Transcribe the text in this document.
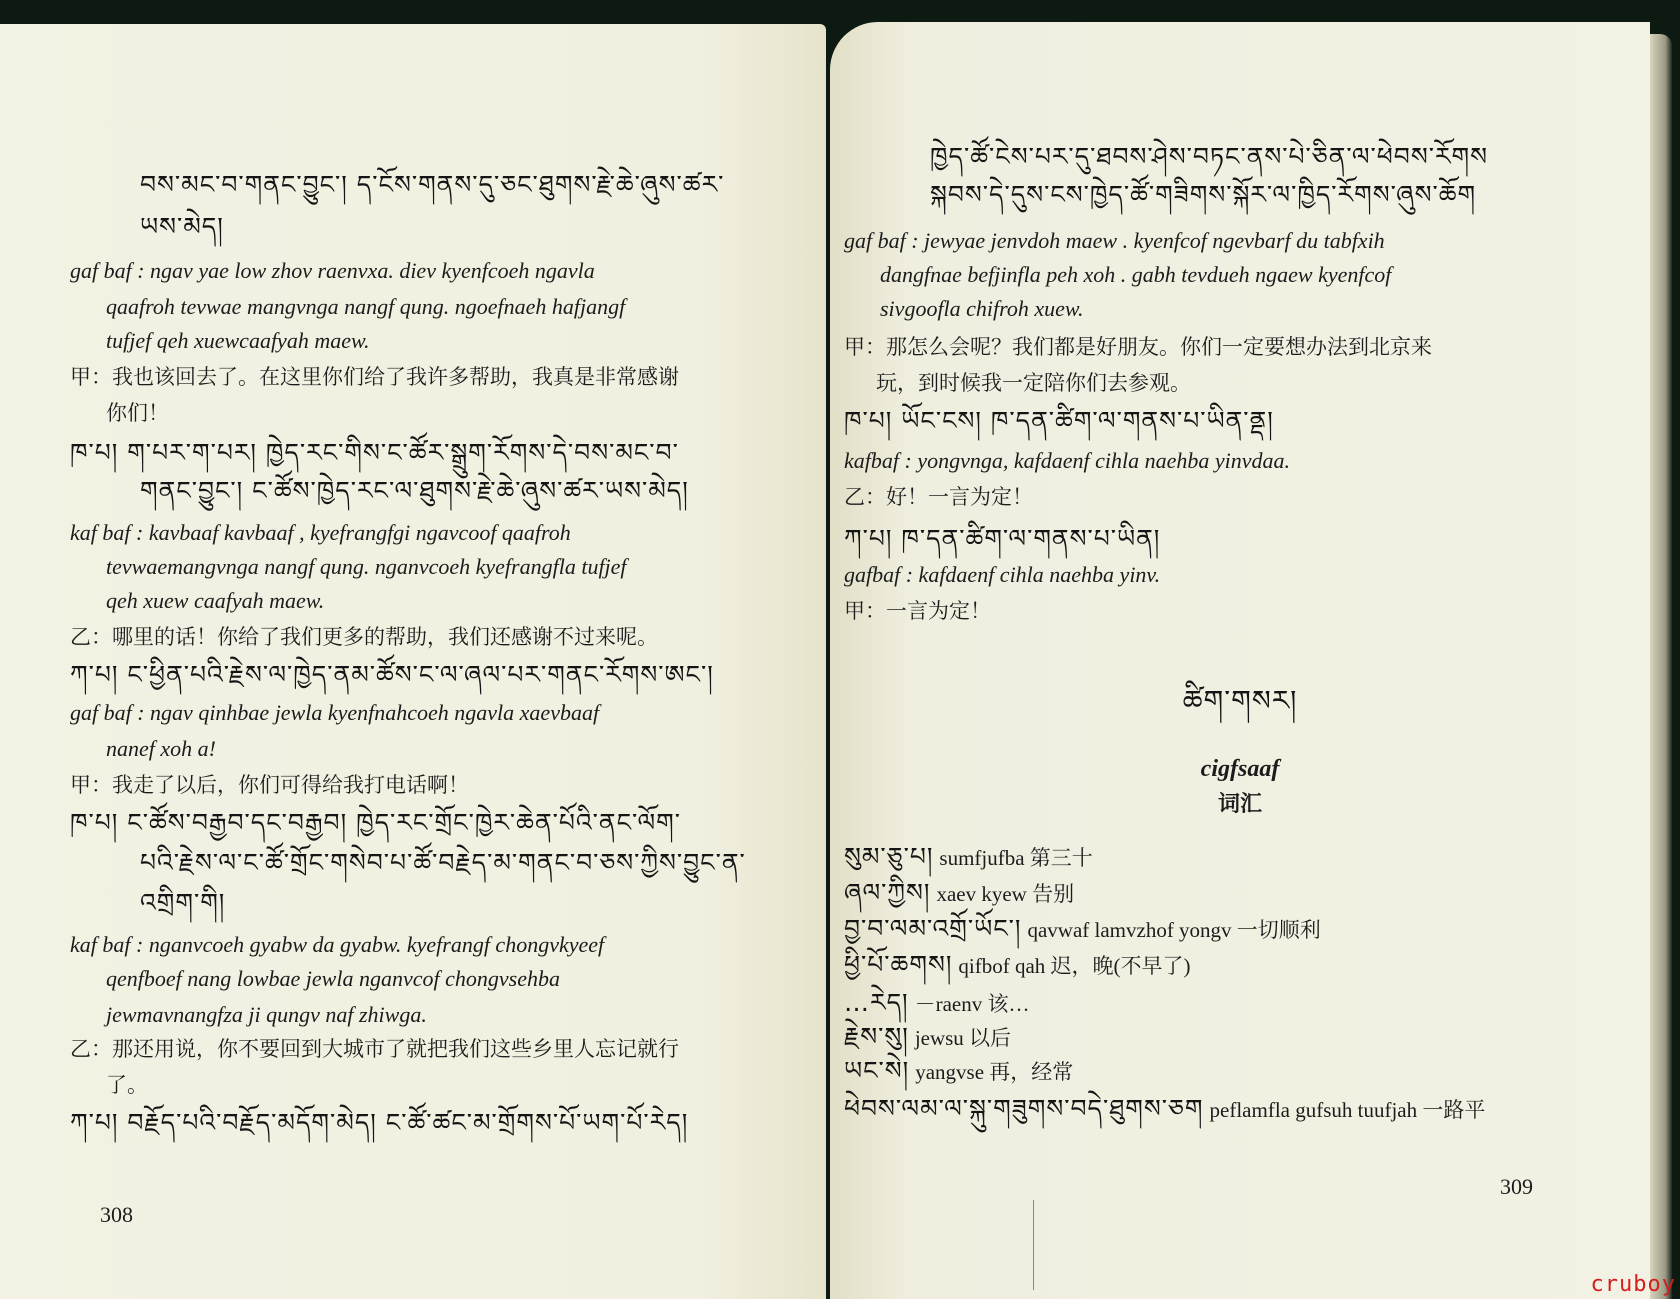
བས་མང་བ་གནང་བྱུང་། ད་ངོས་གནས་དུ་ཅང་ཐུགས་རྗེ་ཆེ་ཞུས་ཚར་
ཡས་མེད།
gaf baf : ngav yae low zhov raenvxa. diev kyenfcoeh ngavla
qaafroh tevwae mangvnga nangf qung. ngoefnaeh hafjangf
tufjef qeh xuewcaafyah maew.
甲：我也该回去了。在这里你们给了我许多帮助，我真是非常感谢
你们！
ཁ་པ། ག་པར་ག་པར། ཁྱེད་རང་གིས་ང་ཚོར་སྒྲུག་རོགས་དེ་བས་མང་བ་
གནང་བྱུང་། ང་ཚོས་ཁྱེད་རང་ལ་ཐུགས་རྗེ་ཆེ་ཞུས་ཚར་ཡས་མེད།
kaf baf : kavbaaf kavbaaf , kyefrangfgi ngavcoof qaafroh
tevwaemangvnga nangf qung. nganvcoeh kyefrangfla tufjef
qeh xuew caafyah maew.
乙：哪里的话！你给了我们更多的帮助，我们还感谢不过来呢。
ཀ་པ། ང་ཕྱིན་པའི་རྗེས་ལ་ཁྱེད་ནམ་ཚོས་ང་ལ་ཞལ་པར་གནང་རོགས་ཨང་།
gaf baf : ngav qinhbae jewla kyenfnahcoeh ngavla xaevbaaf
nanef xoh a!
甲：我走了以后，你们可得给我打电话啊！
ཁ་པ། ང་ཚོས་བརྒྱབ་དང་བརྒྱབ། ཁྱེད་རང་གྲོང་ཁྱེར་ཆེན་པོའི་ནང་ལོག་
པའི་རྗེས་ལ་ང་ཚོ་གྲོང་གསེབ་པ་ཚོ་བརྗེད་མ་གནང་བ་ཅས་ཀྱིས་བྱུང་ན་
འགྲིག་གི།
kaf baf : nganvcoeh gyabw da gyabw. kyefrangf chongvkyeef
qenfboef nang lowbae jewla nganvcof chongvsehba
jewmavnangfza ji qungv naf zhiwga.
乙：那还用说，你不要回到大城市了就把我们这些乡里人忘记就行
了。
ཀ་པ། བརྗོད་པའི་བརྗོད་མདོག་མེད། ང་ཚོ་ཚང་མ་གྲོགས་པོ་ཡག་པོ་རེད།
308
ཁྱེད་ཚོ་ངེས་པར་དུ་ཐབས་ཤེས་བཏང་ནས་པེ་ཅིན་ལ་ཕེབས་རོགས
སྐབས་དེ་དུས་ངས་ཁྱེད་ཚོ་གཟིགས་སྐོར་ལ་ཁྱིད་རོགས་ཞུས་ཆོག
gaf baf : jewyae jenvdoh maew . kyenfcof ngevbarf du tabfxih
dangfnae befjinfla peh xoh . gabh tevdueh ngaew kyenfcof
sivgoofla chifroh xuew.
甲：那怎么会呢？我们都是好朋友。你们一定要想办法到北京来
玩，到时候我一定陪你们去参观。
ཁ་པ། ཡོང་ངས། ཁ་དན་ཚིག་ལ་གནས་པ་ཡིན་ནྡ།
kafbaf : yongvnga, kafdaenf cihla naehba yinvdaa.
乙：好！一言为定！
ཀ་པ། ཁ་དན་ཚིག་ལ་གནས་པ་ཡིན།
gafbaf : kafdaenf cihla naehba yinv.
甲：一言为定！
ཚིག་གསར།
cigfsaaf
词汇
སུམ་ཅུ་པ། sumfjufba 第三十
ཞལ་ཀྱིས། xaev kyew 告别
བྱ་བ་ལམ་འགྲོ་ཡོང་། qavwaf lamvzhof yongv 一切顺利
ཕྱི་པོ་ཆགས། qifbof qah 迟，晚(不早了)
…རེད། －raenv 该…
རྗེས་སུ། jewsu 以后
ཡང་སེ། yangvse 再，经常
ཕེབས་ལམ་ལ་སྐུ་གཟུགས་བདེ་ཐུགས་ཅག peflamfla gufsuh tuufjah 一路平
309
cruboy
